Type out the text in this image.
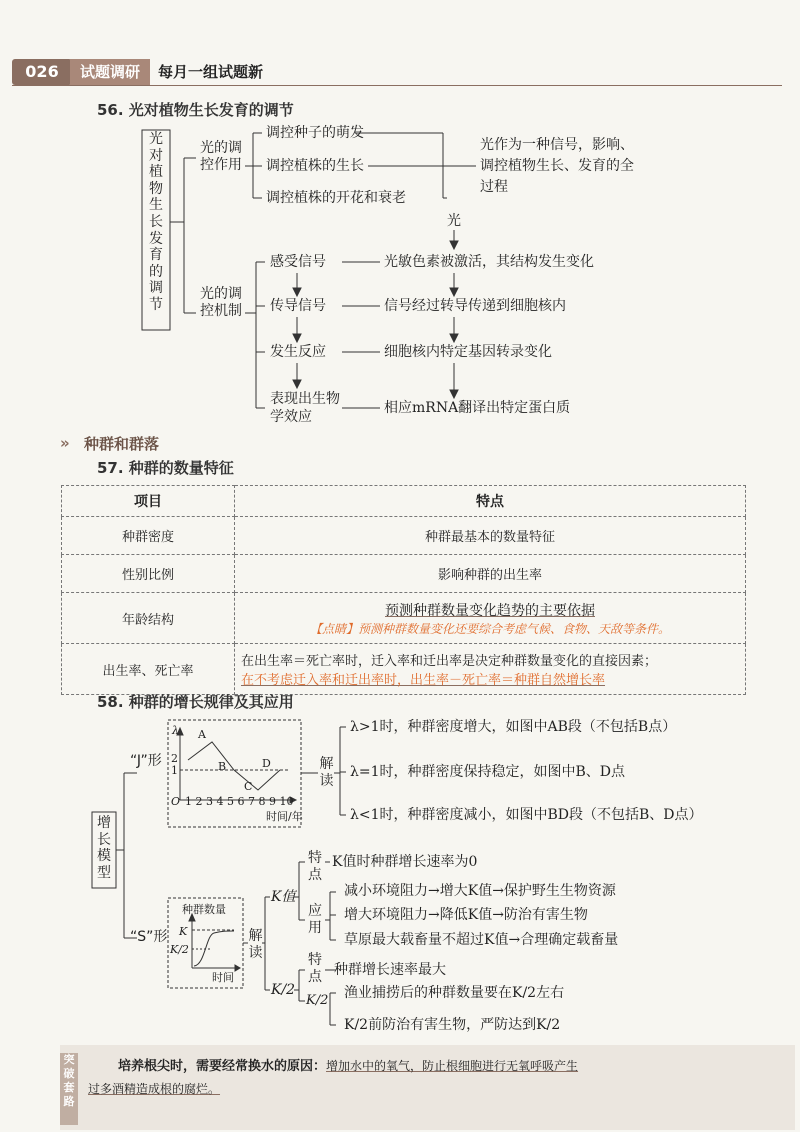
026	试题调研	每月一组试题新
56. 光对植物生长发育的调节
光对植物生长发育的调节
光的调控作用
调控种子的萌发
调控植株的生长
调控植株的开花和衰老
光作为一种信号，影响、
调控植物生长、发育的全
过程
光的调控机制
光
感受信号
传导信号
发生反应
表现出生物学效应
光敏色素被激活，其结构发生变化
信号经过转导传递到细胞核内
细胞核内特定基因转录变化
相应mRNA翻译出特定蛋白质
» 种群和群落
57. 种群的数量特征
项目	特点
种群密度	种群最基本的数量特征
性别比例	影响种群的出生率
年龄结构	预测种群数量变化趋势的主要依据
【点睛】预测种群数量变化还要综合考虑气候、食物、天敌等条件。

出生率、死亡率	在出生率＝死亡率时，迁入率和迁出率是决定种群数量变化的直接因素；
在不考虑迁入率和迁出率时，出生率－死亡率＝种群自然增长率
58. 种群的增长规律及其应用
增长模型
“J”形
“S”形
解读
解读
λ
2
1
O 1 2 3 4 5 6 7 8 9 10
时间/年
A
B
C
D
λ>1时，种群密度增大，如图中AB段（不包括B点）
λ=1时，种群密度保持稳定，如图中B、D点
λ<1时，种群密度减小，如图中BD段（不包括B、D点）
种群数量
K
K/2
时间
K值
K/2
特点
应用
特点
K/2
K值时种群增长速率为0
减小环境阻力→增大K值→保护野生生物资源
增大环境阻力→降低K值→防治有害生物
草原最大载畜量不超过K值→合理确定载畜量
种群增长速率最大
渔业捕捞后的种群数量要在K/2左右
K/2前防治有害生物，严防达到K/2
突破套路
培养根尖时，需要经常换水的原因：增加水中的氧气，防止根细胞进行无氧呼吸产生
过多酒精造成根的腐烂。
